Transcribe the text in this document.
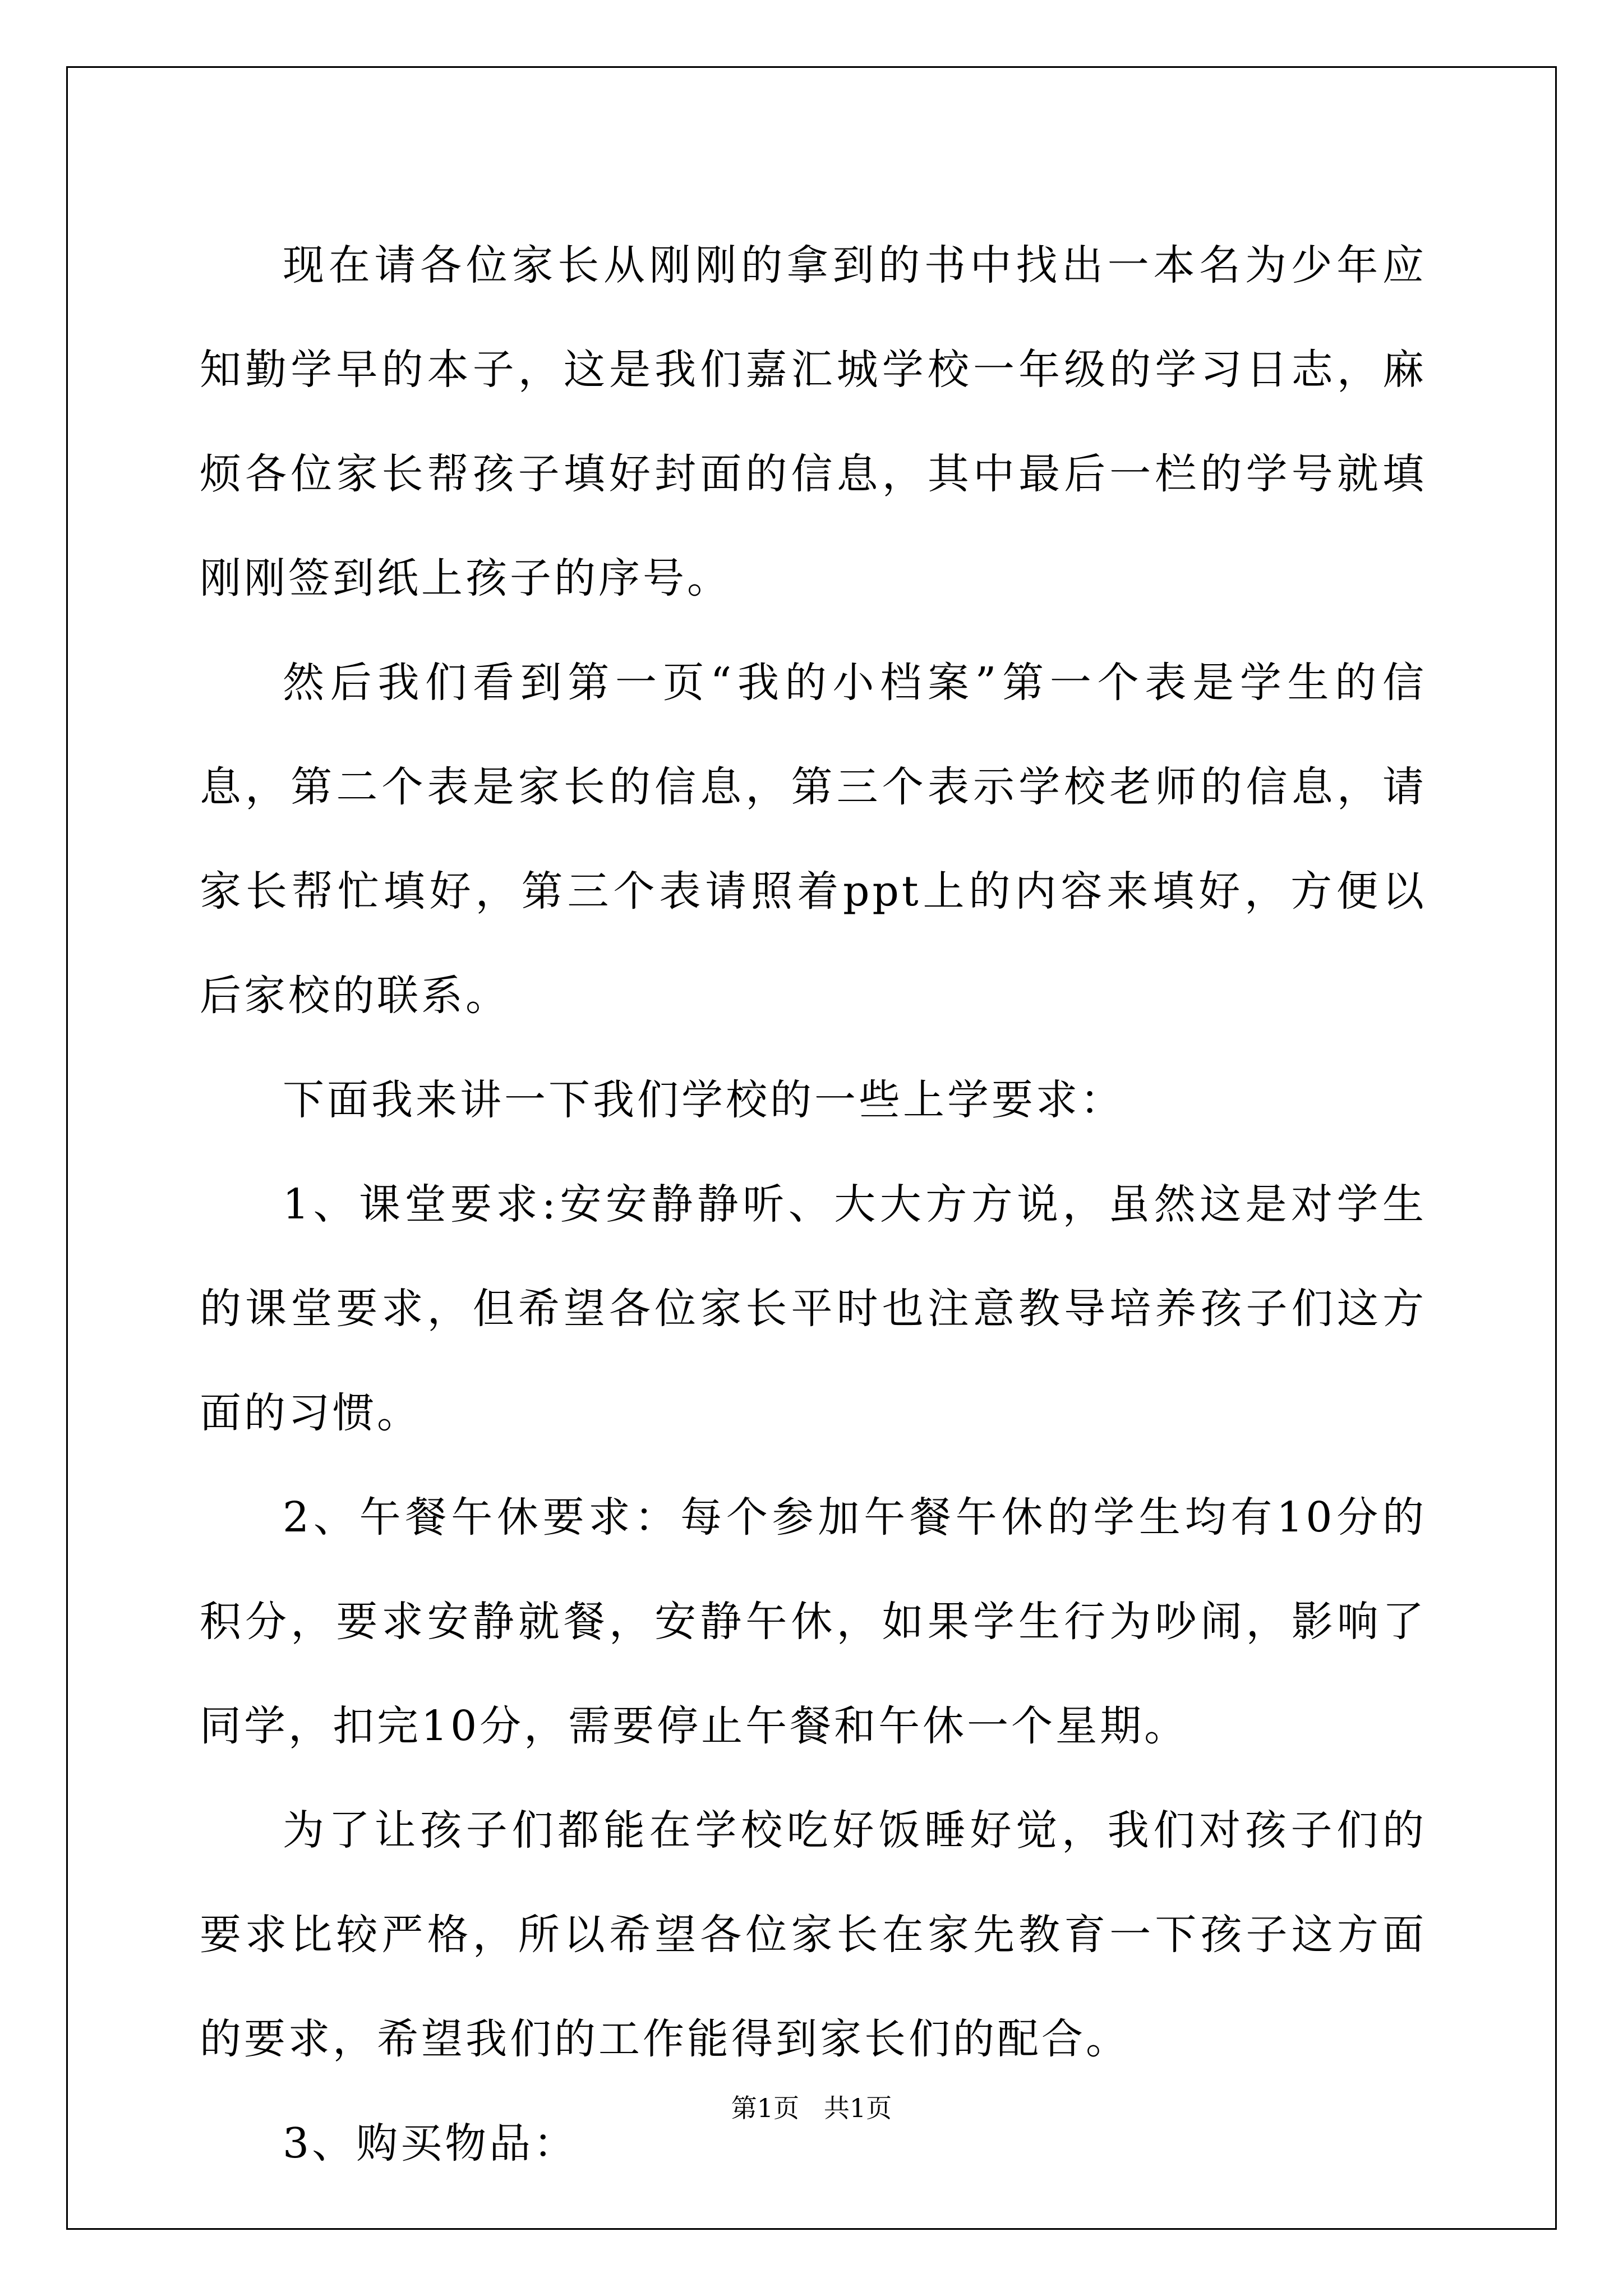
现在请各位家长从刚刚的拿到的书中找出一本名为少年应知勤学早的本子，这是我们嘉汇城学校一年级的学习日志，麻烦各位家长帮孩子填好封面的信息，其中最后一栏的学号就填刚刚签到纸上孩子的序号。

然后我们看到第一页“我的小档案”第一个表是学生的信息，第二个表是家长的信息，第三个表示学校老师的信息，请家长帮忙填好，第三个表请照着ppt上的内容来填好，方便以后家校的联系。

下面我来讲一下我们学校的一些上学要求：

1、课堂要求:安安静静听、大大方方说，虽然这是对学生的课堂要求，但希望各位家长平时也注意教导培养孩子们这方面的习惯。

2、午餐午休要求：每个参加午餐午休的学生均有10分的积分，要求安静就餐，安静午休，如果学生行为吵闹，影响了同学，扣完10分，需要停止午餐和午休一个星期。

为了让孩子们都能在学校吃好饭睡好觉，我们对孩子们的要求比较严格，所以希望各位家长在家先教育一下孩子这方面的要求，希望我们的工作能得到家长们的配合。

3、购买物品：

第1页   共1页
